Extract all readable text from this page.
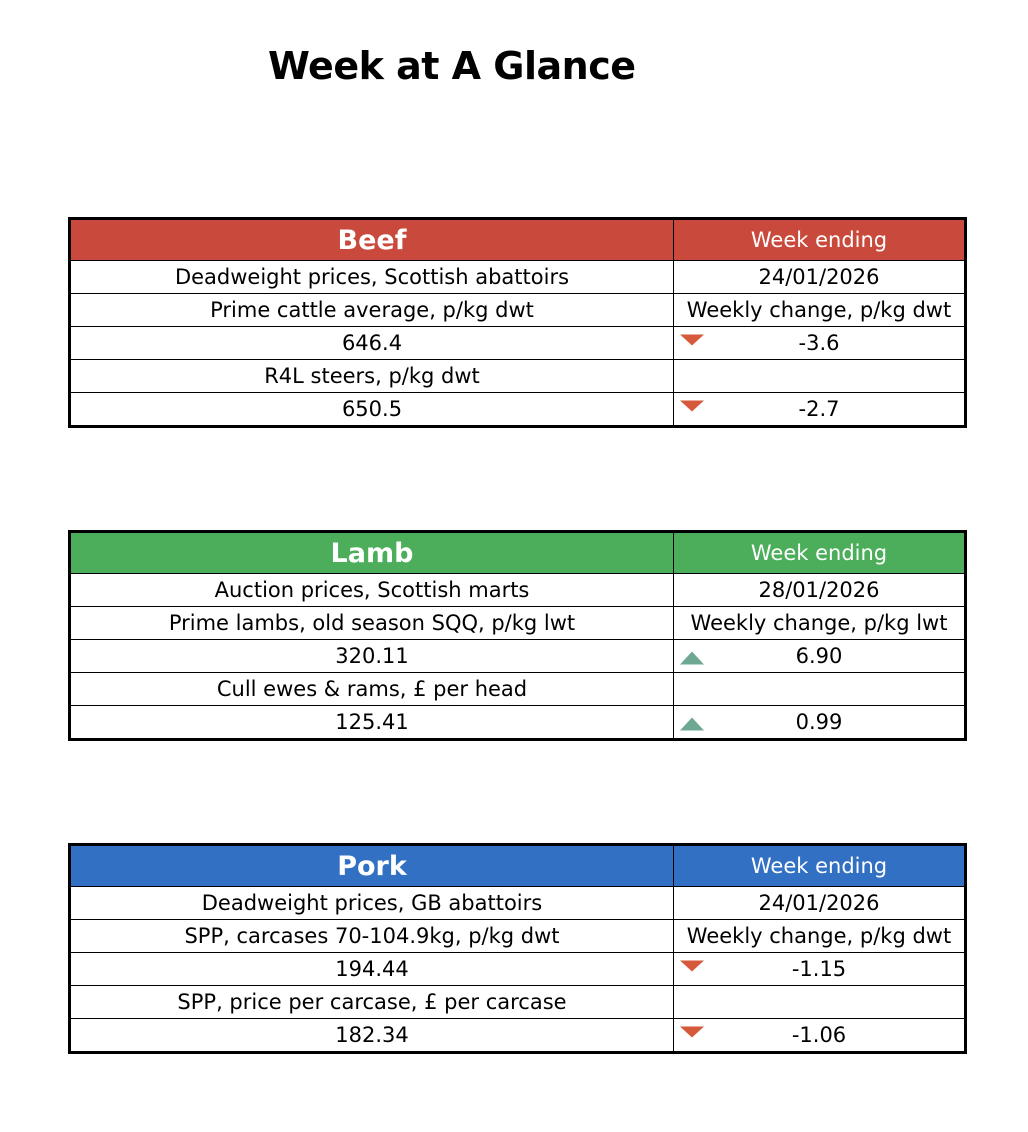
Week at A Glance
Beef	Week ending
Deadweight prices, Scottish abattoirs	24/01/2026
Prime cattle average, p/kg dwt	Weekly change, p/kg dwt
646.4	-3.6
R4L steers, p/kg dwt	
650.5	-2.7
Lamb	Week ending
Auction prices, Scottish marts	28/01/2026
Prime lambs, old season SQQ, p/kg lwt	Weekly change, p/kg lwt
320.11	6.90
Cull ewes & rams, £ per head	
125.41	0.99
Pork	Week ending
Deadweight prices, GB abattoirs	24/01/2026
SPP, carcases 70-104.9kg, p/kg dwt	Weekly change, p/kg dwt
194.44	-1.15
SPP, price per carcase, £ per carcase	
182.34	-1.06
